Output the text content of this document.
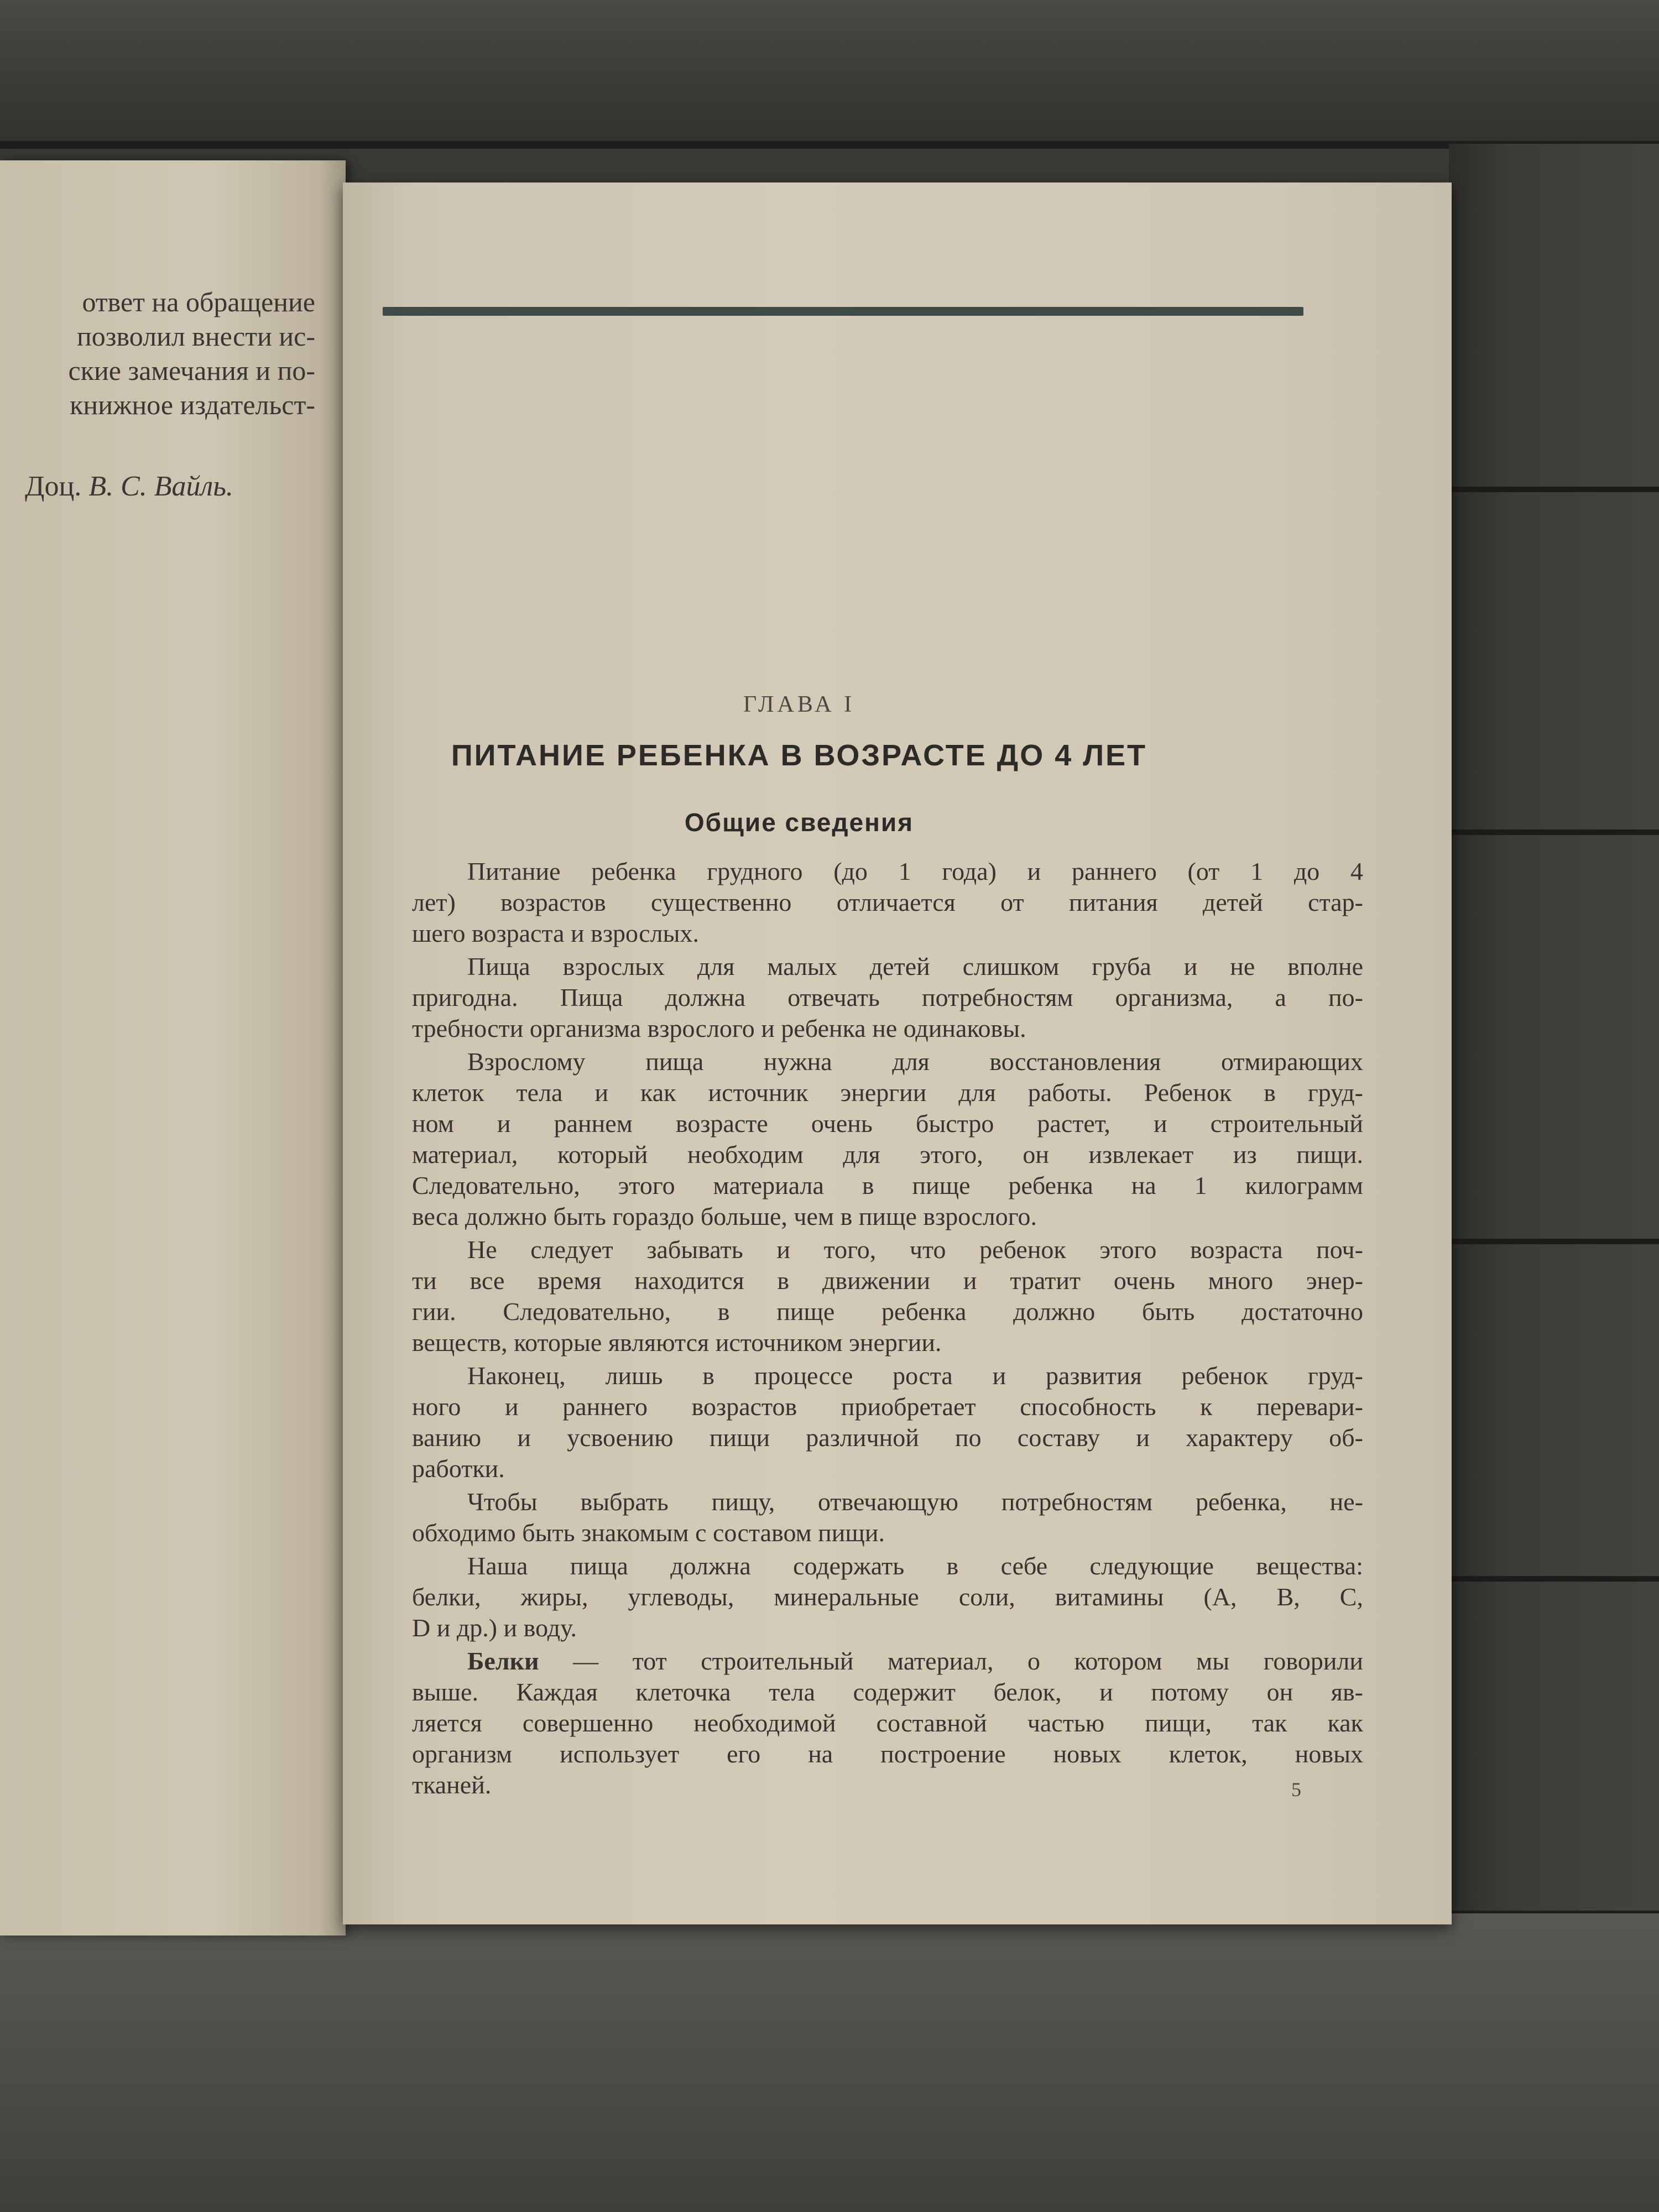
ответ на обращение
позволил внести ис-
ские замечания и по-
книжное издательст-
Доц. В. С. Вайль.
ГЛАВА I
ПИТАНИЕ РЕБЕНКА В ВОЗРАСТЕ ДО 4 ЛЕТ
Общие сведения
Питание ребенка грудного (до 1 года) и раннего (от 1 до 4
лет) возрастов существенно отличается от питания детей стар-
шего возраста и взрослых.
Пища взрослых для малых детей слишком груба и не вполне
пригодна. Пища должна отвечать потребностям организма, а по-
требности организма взрослого и ребенка не одинаковы.
Взрослому пища нужна для восстановления отмирающих
клеток тела и как источник энергии для работы. Ребенок в груд-
ном и раннем возрасте очень быстро растет, и строительный
материал, который необходим для этого, он извлекает из пищи.
Следовательно, этого материала в пище ребенка на 1 килограмм
веса должно быть гораздо больше, чем в пище взрослого.
Не следует забывать и того, что ребенок этого возраста поч-
ти все время находится в движении и тратит очень много энер-
гии. Следовательно, в пище ребенка должно быть достаточно
веществ, которые являются источником энергии.
Наконец, лишь в процессе роста и развития ребенок груд-
ного и раннего возрастов приобретает способность к перевари-
ванию и усвоению пищи различной по составу и характеру об-
работки.
Чтобы выбрать пищу, отвечающую потребностям ребенка, не-
обходимо быть знакомым с составом пищи.
Наша пища должна содержать в себе следующие вещества:
белки, жиры, углеводы, минеральные соли, витамины (А, В, С,
D и др.) и воду.
Белки — тот строительный материал, о котором мы говорили
выше. Каждая клеточка тела содержит белок, и потому он яв-
ляется совершенно необходимой составной частью пищи, так как
организм использует его на построение новых клеток, новых
тканей.	5
